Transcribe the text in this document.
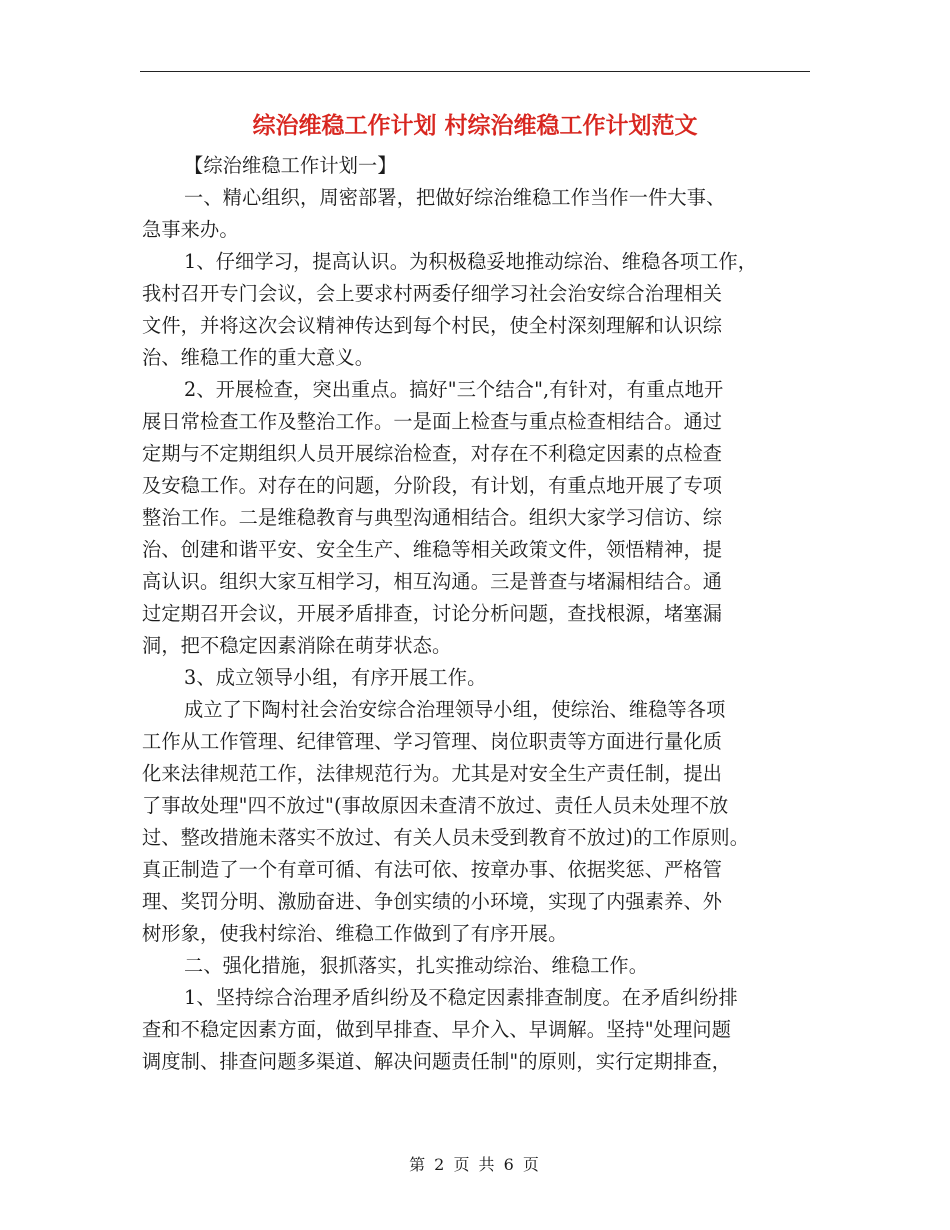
综治维稳工作计划 村综治维稳工作计划范文
【综治维稳工作计划一】
一、精心组织，周密部署，把做好综治维稳工作当作一件大事、
急事来办。
1、仔细学习，提高认识。为积极稳妥地推动综治、维稳各项工作，
我村召开专门会议，会上要求村两委仔细学习社会治安综合治理相关
文件，并将这次会议精神传达到每个村民，使全村深刻理解和认识综
治、维稳工作的重大意义。
2、开展检查，突出重点。搞好"三个结合",有针对，有重点地开
展日常检查工作及整治工作。一是面上检查与重点检查相结合。通过
定期与不定期组织人员开展综治检查，对存在不利稳定因素的点检查
及安稳工作。对存在的问题，分阶段，有计划，有重点地开展了专项
整治工作。二是维稳教育与典型沟通相结合。组织大家学习信访、综
治、创建和谐平安、安全生产、维稳等相关政策文件，领悟精神，提
高认识。组织大家互相学习，相互沟通。三是普查与堵漏相结合。通
过定期召开会议，开展矛盾排查，讨论分析问题，查找根源，堵塞漏
洞，把不稳定因素消除在萌芽状态。
3、成立领导小组，有序开展工作。
成立了下陶村社会治安综合治理领导小组，使综治、维稳等各项
工作从工作管理、纪律管理、学习管理、岗位职责等方面进行量化质
化来法律规范工作，法律规范行为。尤其是对安全生产责任制，提出
了事故处理"四不放过"(事故原因未查清不放过、责任人员未处理不放
过、整改措施未落实不放过、有关人员未受到教育不放过)的工作原则。
真正制造了一个有章可循、有法可依、按章办事、依据奖惩、严格管
理、奖罚分明、激励奋进、争创实绩的小环境，实现了内强素养、外
树形象，使我村综治、维稳工作做到了有序开展。
二、强化措施，狠抓落实，扎实推动综治、维稳工作。
1、坚持综合治理矛盾纠纷及不稳定因素排查制度。在矛盾纠纷排
查和不稳定因素方面，做到早排查、早介入、早调解。坚持"处理问题
调度制、排查问题多渠道、解决问题责任制"的原则，实行定期排查，
第 2 页 共 6 页
